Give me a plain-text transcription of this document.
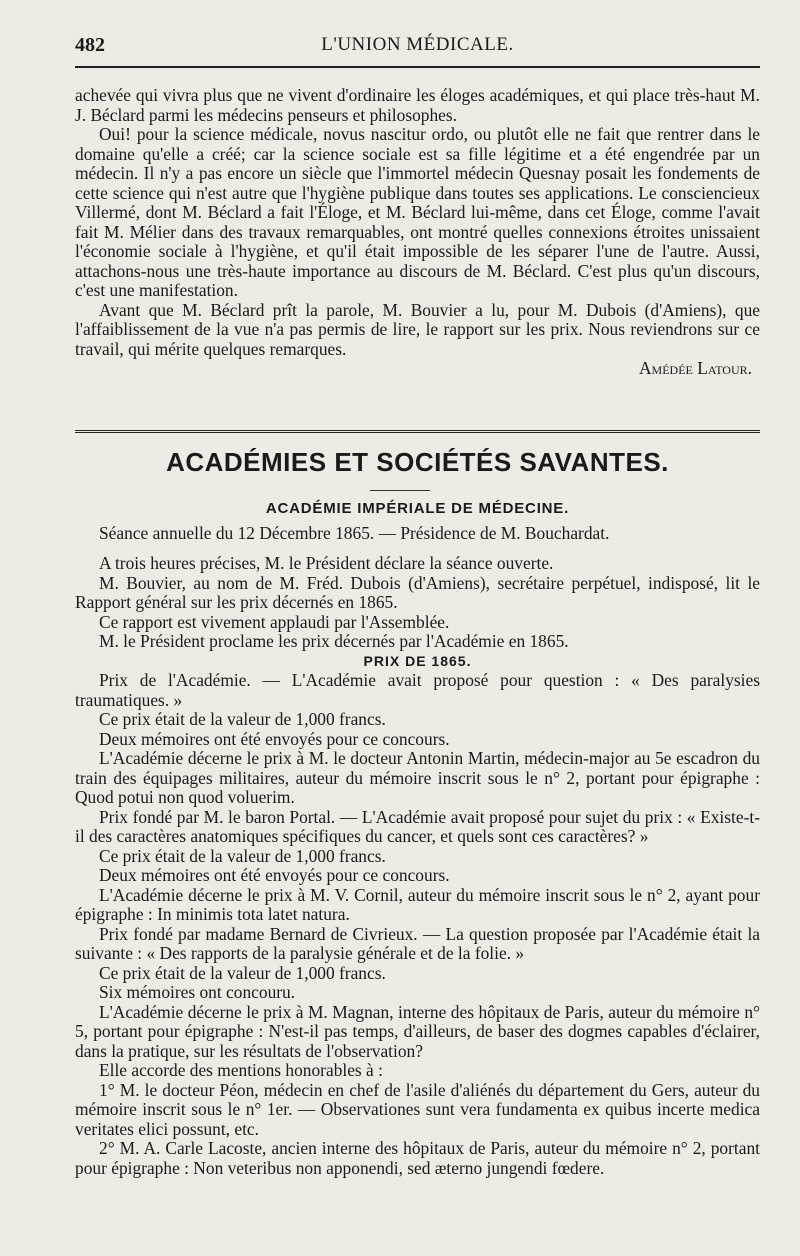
482	L'UNION MÉDICALE.

achevée qui vivra plus que ne vivent d'ordinaire les éloges académiques, et qui place très-haut M. J. Béclard parmi les médecins penseurs et philosophes.

Oui! pour la science médicale, novus nascitur ordo, ou plutôt elle ne fait que rentrer dans le domaine qu'elle a créé; car la science sociale est sa fille légitime et a été engendrée par un médecin. Il n'y a pas encore un siècle que l'immortel médecin Quesnay posait les fondements de cette science qui n'est autre que l'hygiène publique dans toutes ses applications. Le consciencieux Villermé, dont M. Béclard a fait l'Éloge, et M. Béclard lui-même, dans cet Éloge, comme l'avait fait M. Mélier dans des travaux remarquables, ont montré quelles connexions étroites unissaient l'économie sociale à l'hygiène, et qu'il était impossible de les séparer l'une de l'autre. Aussi, attachons-nous une très-haute importance au discours de M. Béclard. C'est plus qu'un discours, c'est une manifestation.

Avant que M. Béclard prît la parole, M. Bouvier a lu, pour M. Dubois (d'Amiens), que l'affaiblissement de la vue n'a pas permis de lire, le rapport sur les prix. Nous reviendrons sur ce travail, qui mérite quelques remarques.

Amédée Latour.

ACADÉMIES ET SOCIÉTÉS SAVANTES.
ACADÉMIE IMPÉRIALE DE MÉDECINE.

Séance annuelle du 12 Décembre 1865. — Présidence de M. Bouchardat.

A trois heures précises, M. le Président déclare la séance ouverte.

M. Bouvier, au nom de M. Fréd. Dubois (d'Amiens), secrétaire perpétuel, indisposé, lit le Rapport général sur les prix décernés en 1865.

Ce rapport est vivement applaudi par l'Assemblée.

M. le Président proclame les prix décernés par l'Académie en 1865.

PRIX DE 1865.

Prix de l'Académie. — L'Académie avait proposé pour question : « Des paralysies traumatiques. »

Ce prix était de la valeur de 1,000 francs.

Deux mémoires ont été envoyés pour ce concours.

L'Académie décerne le prix à M. le docteur Antonin Martin, médecin-major au 5e escadron du train des équipages militaires, auteur du mémoire inscrit sous le n° 2, portant pour épigraphe : Quod potui non quod voluerim.

Prix fondé par M. le baron Portal. — L'Académie avait proposé pour sujet du prix : « Existe-t-il des caractères anatomiques spécifiques du cancer, et quels sont ces caractères? »

Ce prix était de la valeur de 1,000 francs.

Deux mémoires ont été envoyés pour ce concours.

L'Académie décerne le prix à M. V. Cornil, auteur du mémoire inscrit sous le n° 2, ayant pour épigraphe : In minimis tota latet natura.

Prix fondé par madame Bernard de Civrieux. — La question proposée par l'Académie était la suivante : « Des rapports de la paralysie générale et de la folie. »

Ce prix était de la valeur de 1,000 francs.

Six mémoires ont concouru.

L'Académie décerne le prix à M. Magnan, interne des hôpitaux de Paris, auteur du mémoire n° 5, portant pour épigraphe : N'est-il pas temps, d'ailleurs, de baser des dogmes capables d'éclairer, dans la pratique, sur les résultats de l'observation?

Elle accorde des mentions honorables à :

1° M. le docteur Péon, médecin en chef de l'asile d'aliénés du département du Gers, auteur du mémoire inscrit sous le n° 1er. — Observationes sunt vera fundamenta ex quibus incerte medica veritates elici possunt, etc.

2° M. A. Carle Lacoste, ancien interne des hôpitaux de Paris, auteur du mémoire n° 2, portant pour épigraphe : Non veteribus non apponendi, sed æterno jungendi fœdere.
